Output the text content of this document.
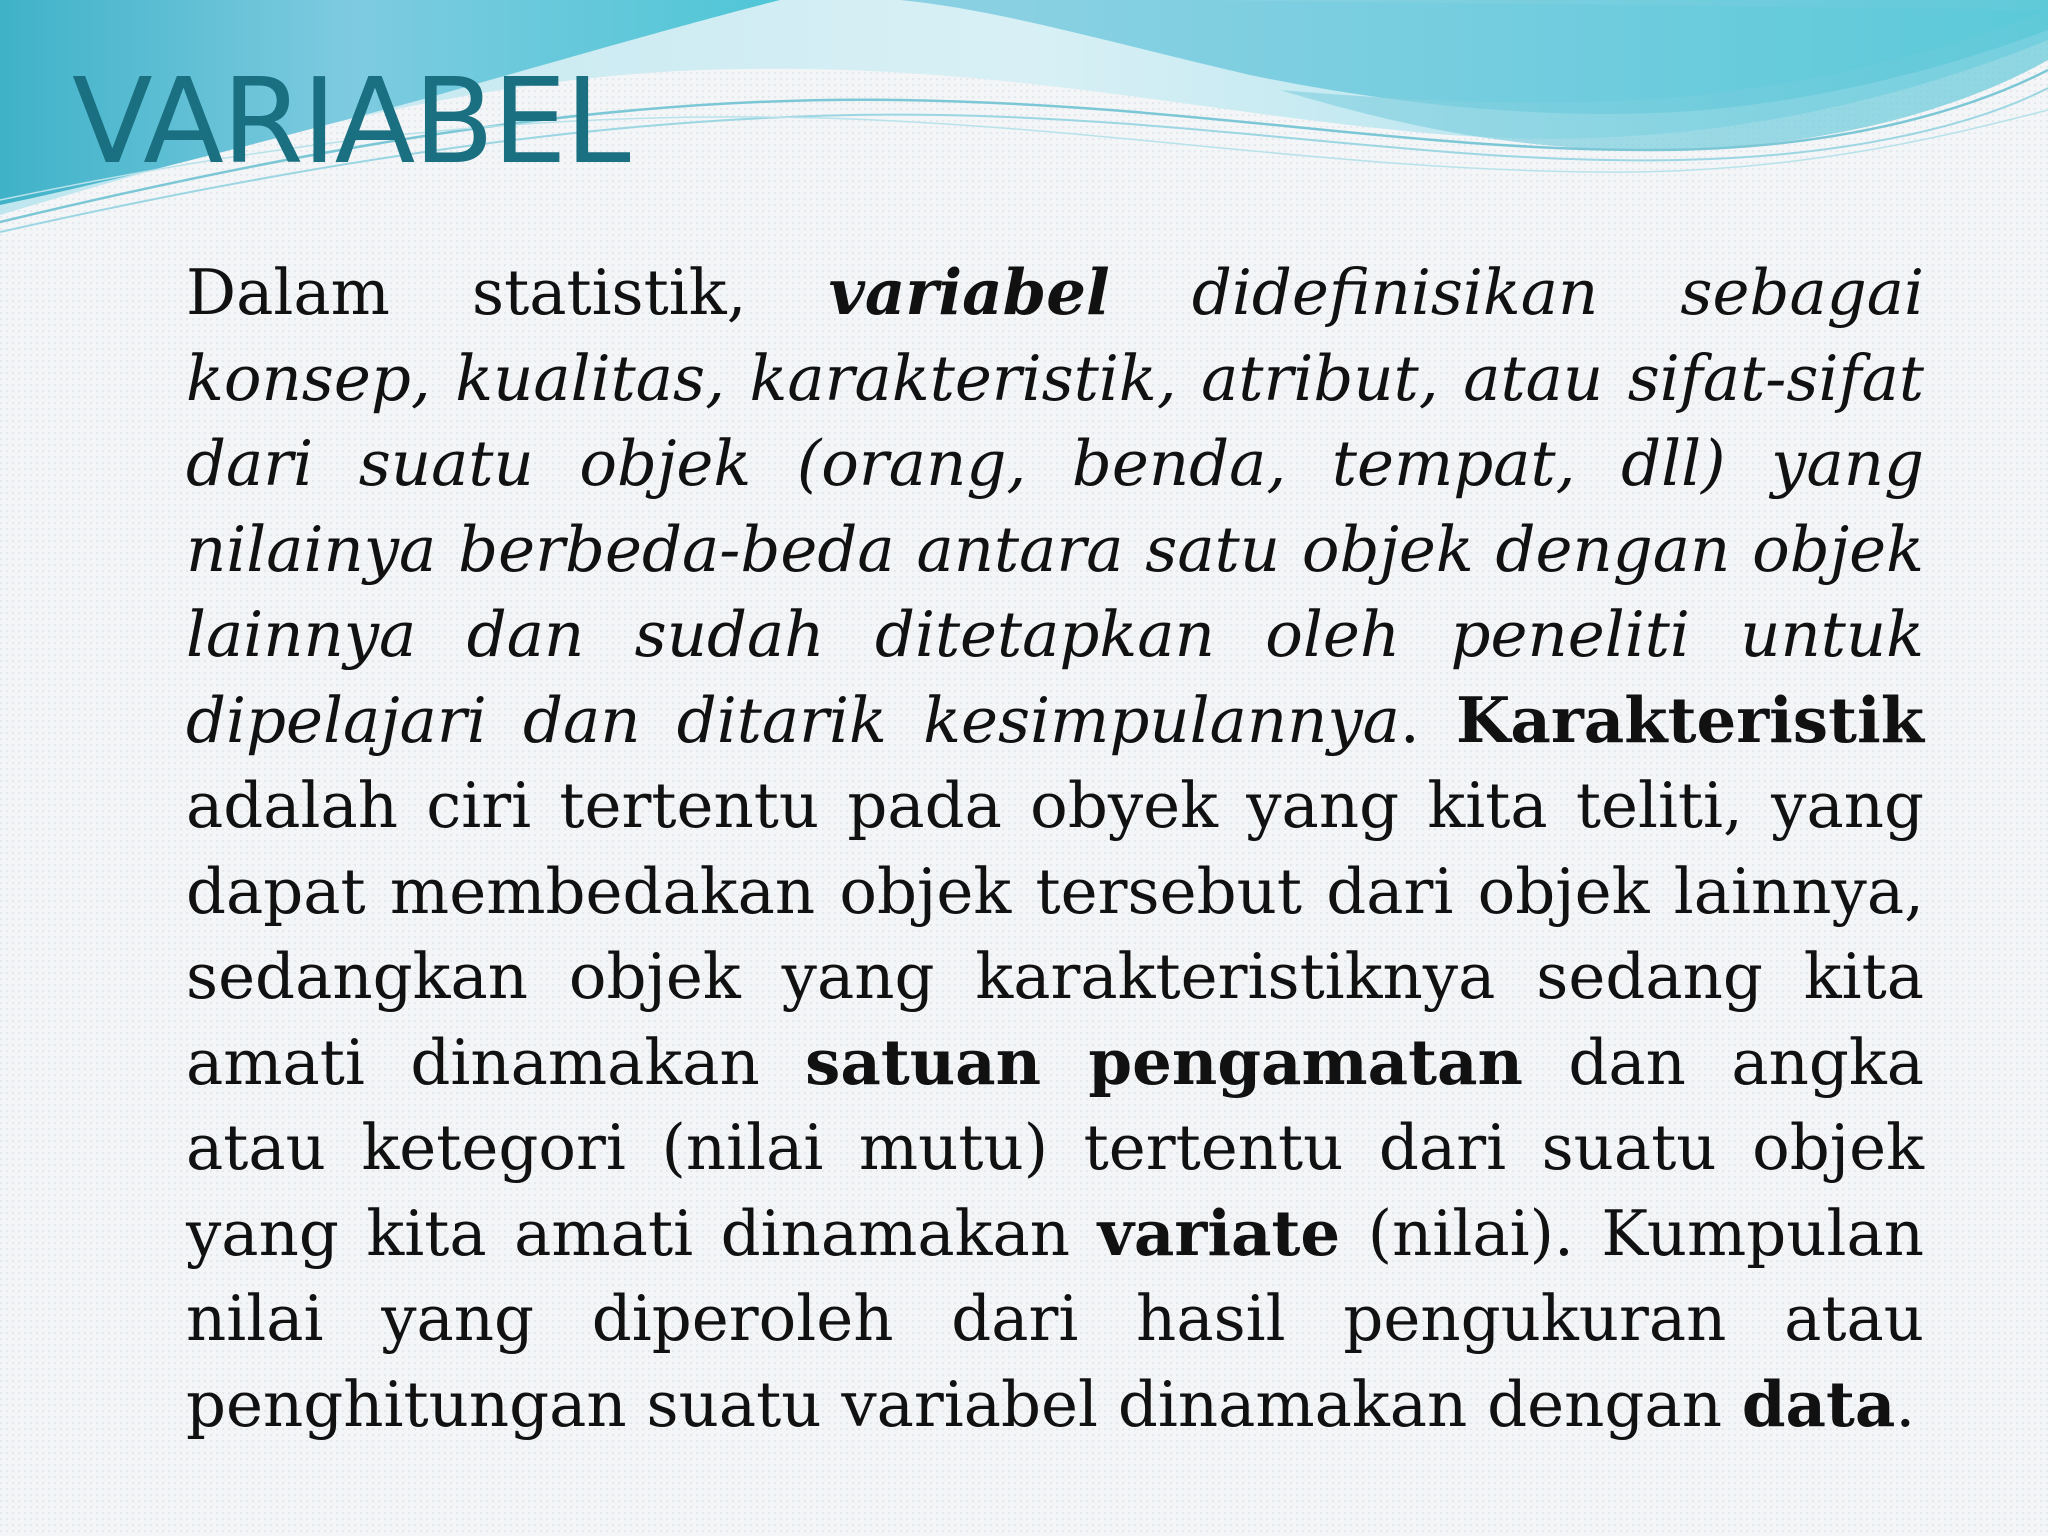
VARIABEL

Dalam statistik, variabel didefinisikan sebagai konsep, kualitas, karakteristik, atribut, atau sifat-sifat dari suatu objek (orang, benda, tempat, dll) yang nilainya berbeda-beda antara satu objek dengan objek lainnya dan sudah ditetapkan oleh peneliti untuk dipelajari dan ditarik kesimpulannya. Karakteristik adalah ciri tertentu pada obyek yang kita teliti, yang dapat membedakan objek tersebut dari objek lainnya, sedangkan objek yang karakteristiknya sedang kita amati dinamakan satuan pengamatan dan angka atau ketegori (nilai mutu) tertentu dari suatu objek yang kita amati dinamakan variate (nilai). Kumpulan nilai yang diperoleh dari hasil pengukuran atau penghitungan suatu variabel dinamakan dengan data.
